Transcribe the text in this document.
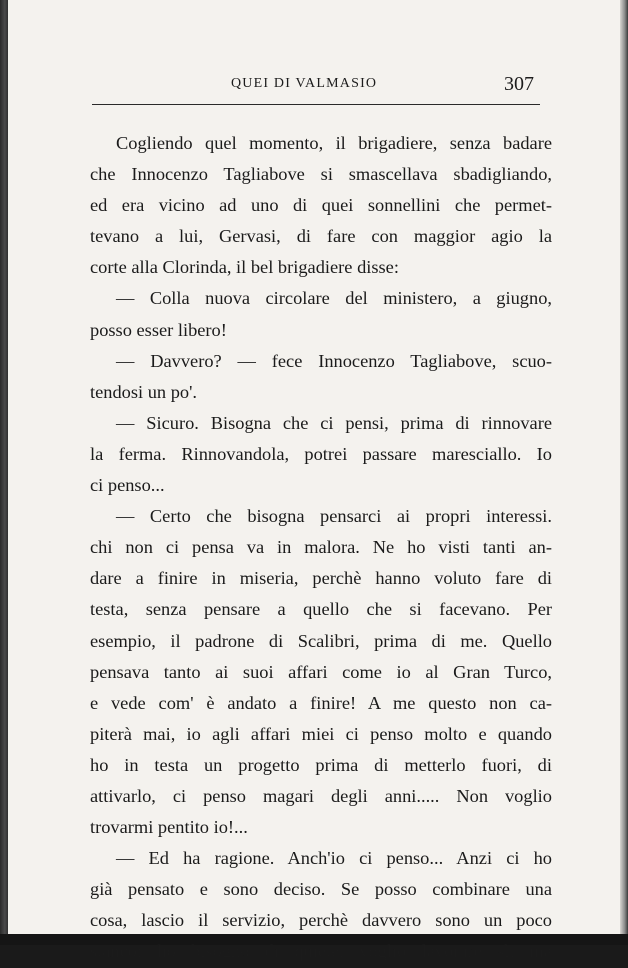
QUEI DI VALMASIO	307
Cogliendo quel momento, il brigadiere, senza badare
che Innocenzo Tagliabove si smascellava sbadigliando,
ed era vicino ad uno di quei sonnellini che permet-
tevano a lui, Gervasi, di fare con maggior agio la
corte alla Clorinda, il bel brigadiere disse:
— Colla nuova circolare del ministero, a giugno,
posso esser libero!
— Davvero? — fece Innocenzo Tagliabove, scuo-
tendosi un po'.
— Sicuro. Bisogna che ci pensi, prima di rinnovare
la ferma. Rinnovandola, potrei passare maresciallo. Io
ci penso...
— Certo che bisogna pensarci ai propri interessi.
chi non ci pensa va in malora. Ne ho visti tanti an-
dare a finire in miseria, perchè hanno voluto fare di
testa, senza pensare a quello che si facevano. Per
esempio, il padrone di Scalibri, prima di me. Quello
pensava tanto ai suoi affari come io al Gran Turco,
e vede com' è andato a finire! A me questo non ca-
piterà mai, io agli affari miei ci penso molto e quando
ho in testa un progetto prima di metterlo fuori, di
attivarlo, ci penso magari degli anni..... Non voglio
trovarmi pentito io!...
— Ed ha ragione. Anch'io ci penso... Anzi ci ho
già pensato e sono deciso. Se posso combinare una
cosa, lascio il servizio, perchè davvero sono un poco
stanco; ho bisogno di quiete, voglio lavorare sì, ma
